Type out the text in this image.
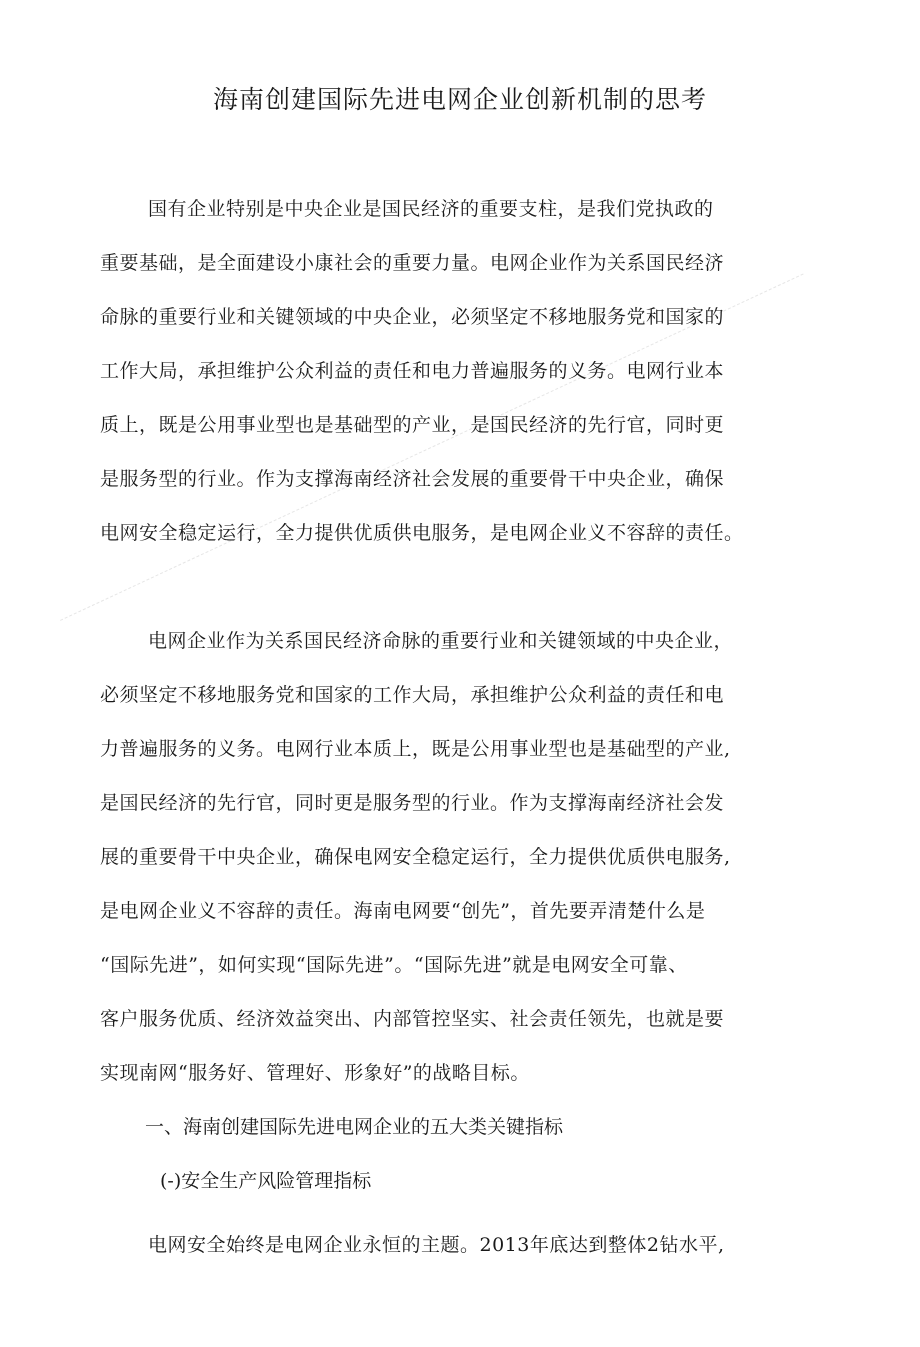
海南创建国际先进电网企业创新机制的思考
国有企业特别是中央企业是国民经济的重要支柱，是我们党执政的
重要基础，是全面建设小康社会的重要力量。电网企业作为关系国民经济
命脉的重要行业和关键领域的中央企业，必须坚定不移地服务党和国家的
工作大局，承担维护公众利益的责任和电力普遍服务的义务。电网行业本
质上，既是公用事业型也是基础型的产业，是国民经济的先行官，同时更
是服务型的行业。作为支撑海南经济社会发展的重要骨干中央企业，确保
电网安全稳定运行，全力提供优质供电服务，是电网企业义不容辞的责任。
电网企业作为关系国民经济命脉的重要行业和关键领域的中央企业，
必须坚定不移地服务党和国家的工作大局，承担维护公众利益的责任和电
力普遍服务的义务。电网行业本质上，既是公用事业型也是基础型的产业,
是国民经济的先行官，同时更是服务型的行业。作为支撑海南经济社会发
展的重要骨干中央企业，确保电网安全稳定运行，全力提供优质供电服务,
是电网企业义不容辞的责任。海南电网要“创先”，首先要弄清楚什么是
“国际先进”，如何实现“国际先进”。“国际先进”就是电网安全可靠、
客户服务优质、经济效益突出、内部管控坚实、社会责任领先，也就是要
实现南网“服务好、管理好、形象好”的战略目标。
一、海南创建国际先进电网企业的五大类关键指标
(-)安全生产风险管理指标
电网安全始终是电网企业永恒的主题。2013年底达到整体2钻水平,
